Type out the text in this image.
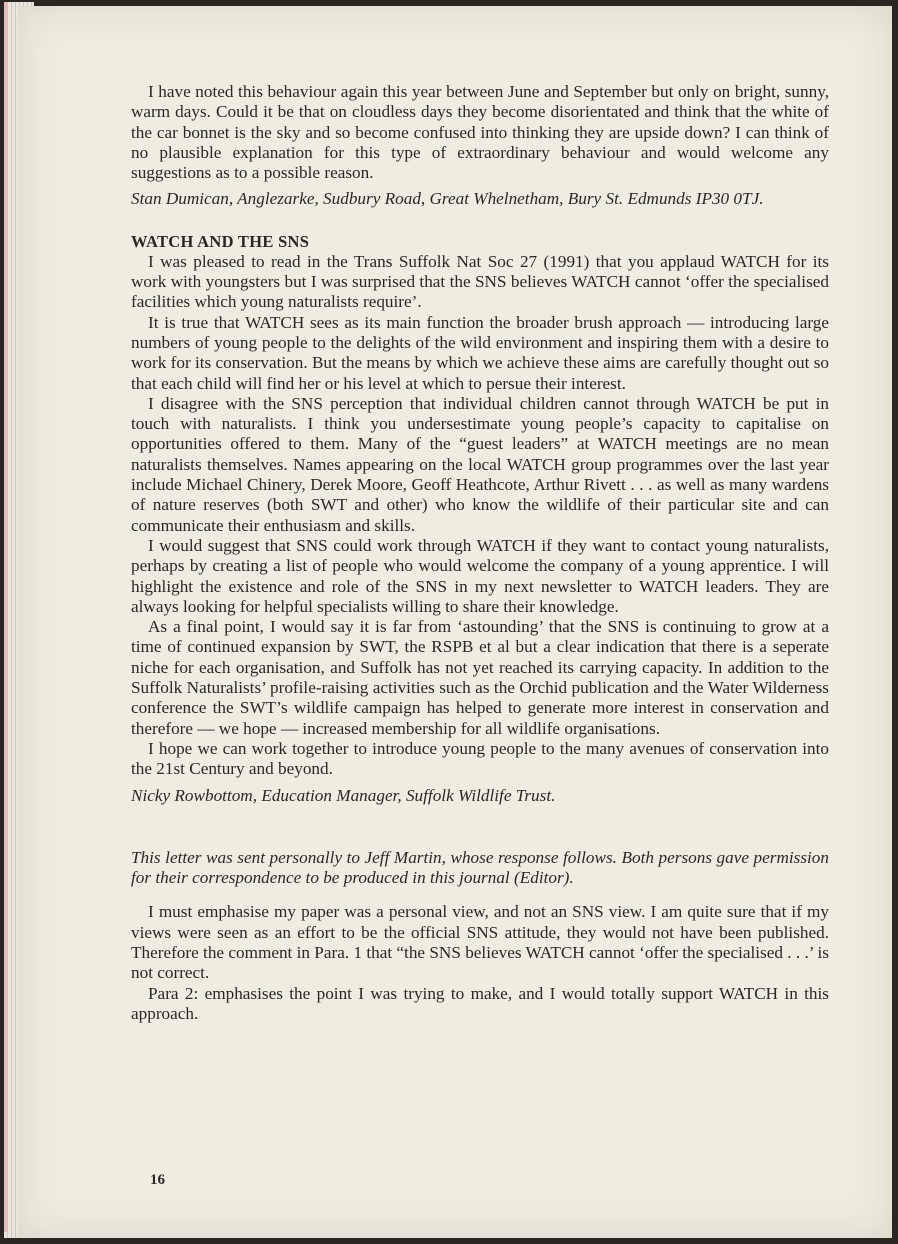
I have noted this behaviour again this year between June and September but only on bright, sunny, warm days. Could it be that on cloudless days they become disorientated and think that the white of the car bonnet is the sky and so become confused into thinking they are upside down? I can think of no plausible explanation for this type of extraordinary behaviour and would welcome any suggestions as to a possible reason.

Stan Dumican, Anglezarke, Sudbury Road, Great Whelnetham, Bury St. Edmunds IP30 0TJ.

WATCH AND THE SNS

I was pleased to read in the Trans Suffolk Nat Soc 27 (1991) that you applaud WATCH for its work with youngsters but I was surprised that the SNS believes WATCH cannot ‘offer the specialised facilities which young naturalists require’.

It is true that WATCH sees as its main function the broader brush approach — introducing large numbers of young people to the delights of the wild environment and inspiring them with a desire to work for its conservation. But the means by which we achieve these aims are carefully thought out so that each child will find her or his level at which to persue their interest.

I disagree with the SNS perception that individual children cannot through WATCH be put in touch with naturalists. I think you undersestimate young people’s capacity to capitalise on opportunities offered to them. Many of the “guest leaders” at WATCH meetings are no mean naturalists themselves. Names appearing on the local WATCH group programmes over the last year include Michael Chinery, Derek Moore, Geoff Heathcote, Arthur Rivett . . . as well as many wardens of nature reserves (both SWT and other) who know the wildlife of their particular site and can communicate their enthusiasm and skills.

I would suggest that SNS could work through WATCH if they want to contact young naturalists, perhaps by creating a list of people who would welcome the company of a young apprentice. I will highlight the existence and role of the SNS in my next newsletter to WATCH leaders. They are always looking for helpful specialists willing to share their knowledge.

As a final point, I would say it is far from ‘astounding’ that the SNS is continuing to grow at a time of continued expansion by SWT, the RSPB et al but a clear indication that there is a seperate niche for each organisation, and Suffolk has not yet reached its carrying capacity. In addition to the Suffolk Naturalists’ profile-raising activities such as the Orchid publication and the Water Wilderness conference the SWT’s wildlife campaign has helped to generate more interest in conservation and therefore — we hope — increased membership for all wildlife organisations.

I hope we can work together to introduce young people to the many avenues of conservation into the 21st Century and beyond.

Nicky Rowbottom, Education Manager, Suffolk Wildlife Trust.

This letter was sent personally to Jeff Martin, whose response follows. Both persons gave permission for their correspondence to be produced in this journal (Editor).

I must emphasise my paper was a personal view, and not an SNS view. I am quite sure that if my views were seen as an effort to be the official SNS attitude, they would not have been published. Therefore the comment in Para. 1 that “the SNS believes WATCH cannot ‘offer the specialised . . .’ is not correct.

Para 2: emphasises the point I was trying to make, and I would totally support WATCH in this approach.

16
